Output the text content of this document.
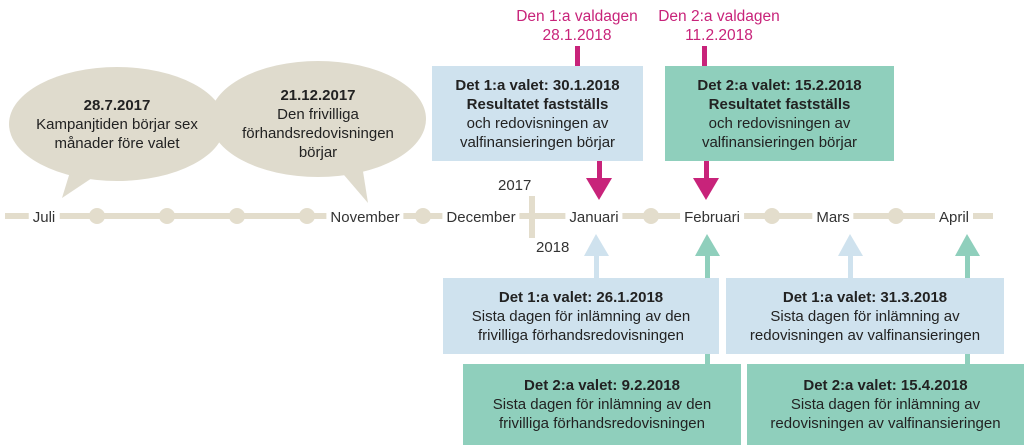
28.7.2017
Kampanjtiden börjar sex
månader före valet
21.12.2017
Den frivilliga
förhandsredovisningen
börjar
Den 1:a valdagen
28.1.2018
Den 2:a valdagen
11.2.2018
Det 1:a valet: 30.1.2018
Resultatet fastställs
och redovisningen av
valfinansieringen börjar
Det 2:a valet: 15.2.2018
Resultatet fastställs
och redovisningen av
valfinansieringen börjar
2017
2018
Juli	November	December	Januari	Februari	Mars	April
Det 1:a valet: 26.1.2018
Sista dagen för inlämning av den
frivilliga förhandsredovisningen
Det 2:a valet: 9.2.2018
Sista dagen för inlämning av den
frivilliga förhandsredovisningen
Det 1:a valet: 31.3.2018
Sista dagen för inlämning av
redovisningen av valfinansieringen
Det 2:a valet: 15.4.2018
Sista dagen för inlämning av
redovisningen av valfinansieringen
